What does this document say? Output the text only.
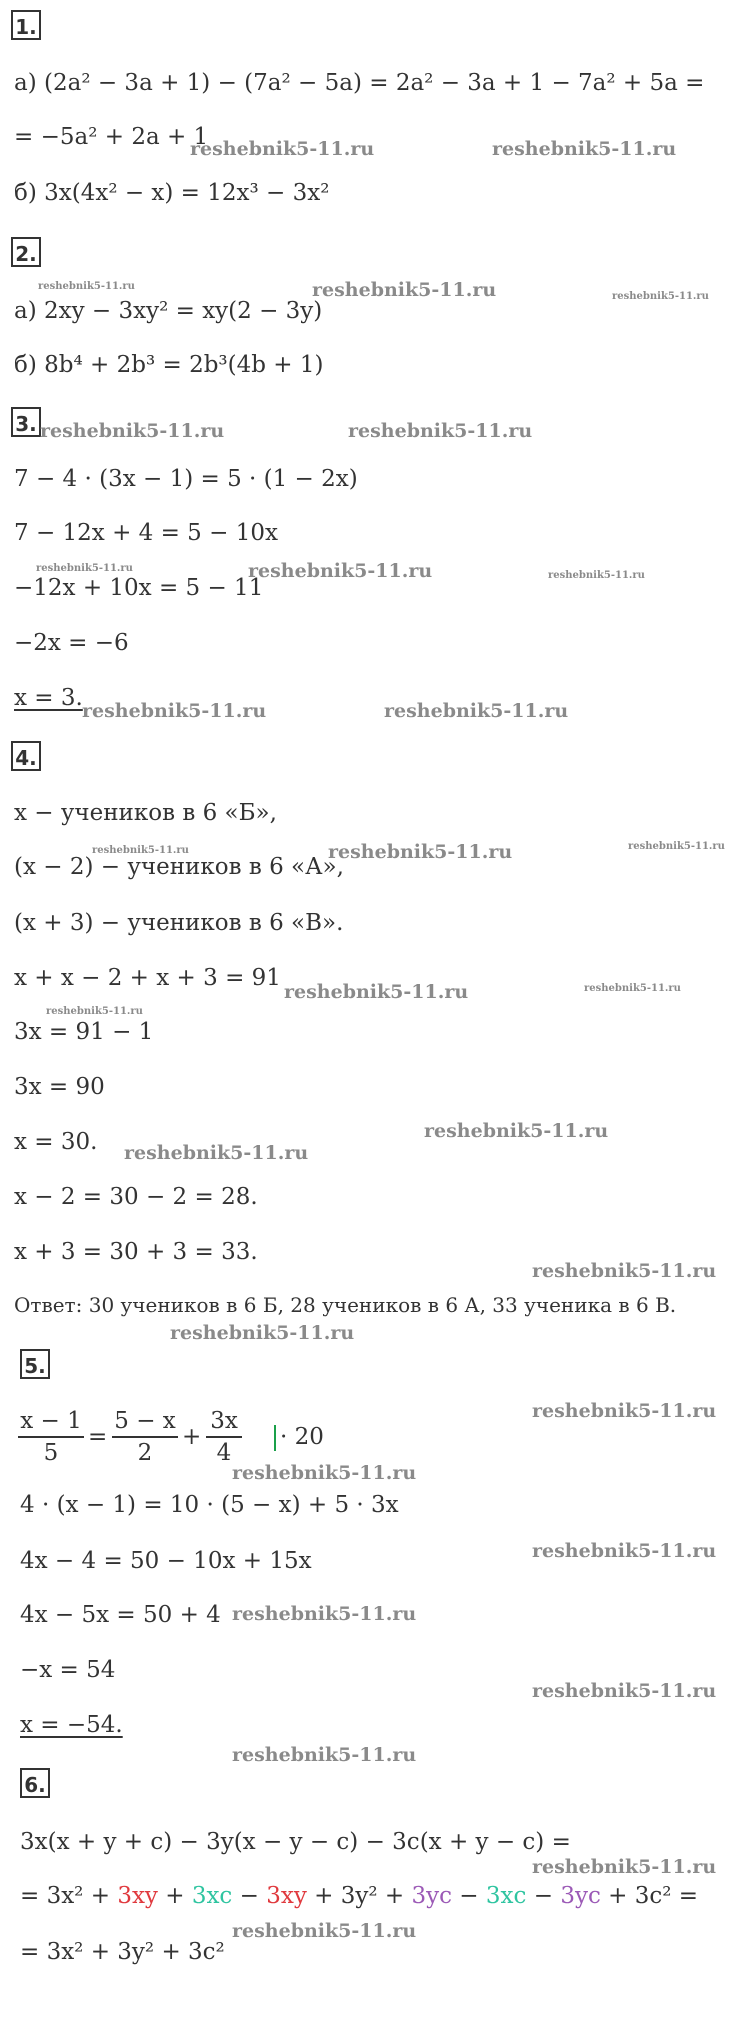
1.
а) (2a² − 3a + 1) − (7a² − 5a) = 2a² − 3a + 1 − 7a² + 5a =
= −5a² + 2a + 1
б) 3x(4x² − x) = 12x³ − 3x²
2.
а) 2xy − 3xy² = xy(2 − 3y)
б) 8b⁴ + 2b³ = 2b³(4b + 1)
3.
7 − 4 · (3x − 1) = 5 · (1 − 2x)
7 − 12x + 4 = 5 − 10x
−12x + 10x = 5 − 11
−2x = −6
x = 3.
4.
x − учеников в 6 «Б»,
(x − 2) − учеников в 6 «А»,
(x + 3) − учеников в 6 «В».
x + x − 2 + x + 3 = 91
3x = 91 − 1
3x = 90
x = 30.
x − 2 = 30 − 2 = 28.
x + 3 = 30 + 3 = 33.
Ответ: 30 учеников в 6 Б, 28 учеников в 6 А, 33 ученика в 6 В.
5.
$\frac{x - 1}{5} = \frac{5 - x}{2} + \frac{3x}{4} \cdot 20$
4 · (x − 1) = 10 · (5 − x) + 5 · 3x
4x − 4 = 50 − 10x + 15x
4x − 5x = 50 + 4
−x = 54
x = −54.
6.
3x(x + y + c) − 3y(x − y − c) − 3c(x + y − c) =
= 3x² + 3xy + 3xc − 3xy + 3y² + 3yc − 3xc − 3yc + 3c² =
= 3x² + 3y² + 3c²
reshebnik5-11.ru	reshebnik5-11.ru
reshebnik5-11.ru	reshebnik5-11.ru	reshebnik5-11.ru
reshebnik5-11.ru	reshebnik5-11.ru
reshebnik5-11.ru	reshebnik5-11.ru	reshebnik5-11.ru
reshebnik5-11.ru	reshebnik5-11.ru
reshebnik5-11.ru	reshebnik5-11.ru	reshebnik5-11.ru
reshebnik5-11.ru	reshebnik5-11.ru
reshebnik5-11.ru
reshebnik5-11.ru
reshebnik5-11.ru
reshebnik5-11.ru
reshebnik5-11.ru
reshebnik5-11.ru
reshebnik5-11.ru
reshebnik5-11.ru
reshebnik5-11.ru
reshebnik5-11.ru
reshebnik5-11.ru
reshebnik5-11.ru
reshebnik5-11.ru
